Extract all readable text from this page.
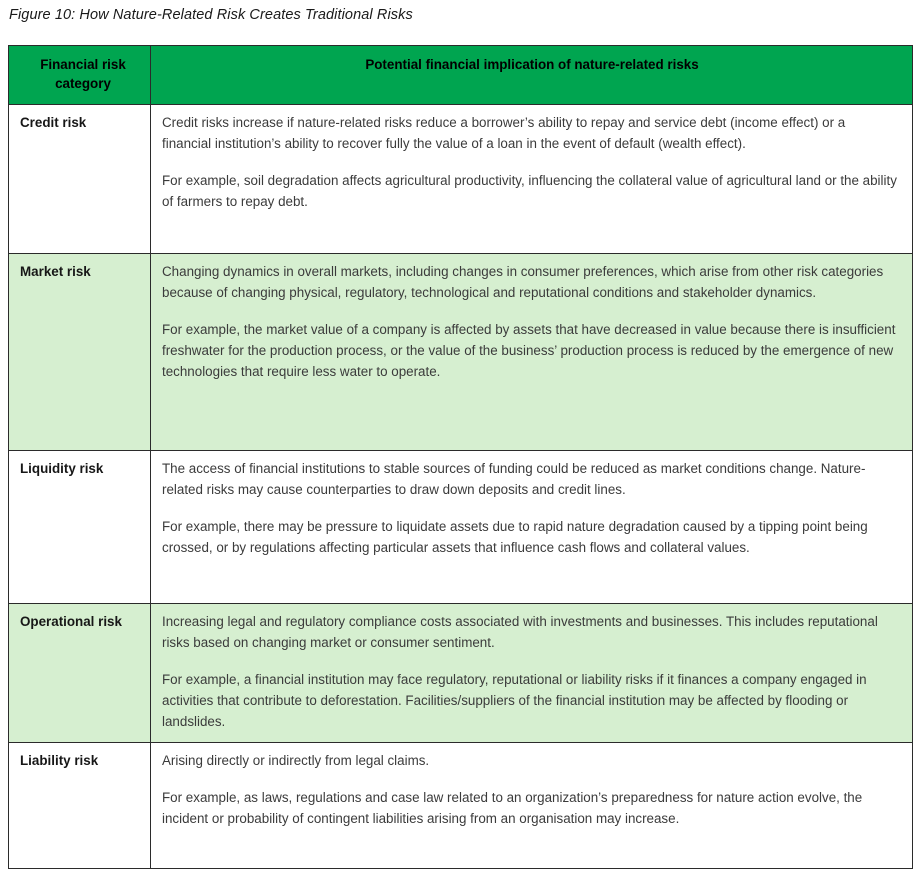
Figure 10: How Nature-Related Risk Creates Traditional Risks
Financial risk category	Potential financial implication of nature-related risks

Credit risk	Credit risks increase if nature-related risks reduce a borrower’s ability to repay and service debt (income effect) or a financial institution’s ability to recover fully the value of a loan in the event of default (wealth effect).

For example, soil degradation affects agricultural productivity, influencing the collateral value of agricultural land or the ability of farmers to repay debt.

Market risk	Changing dynamics in overall markets, including changes in consumer preferences, which arise from other risk categories because of changing physical, regulatory, technological and reputational conditions and stakeholder dynamics.

For example, the market value of a company is affected by assets that have decreased in value because there is insufficient freshwater for the production process, or the value of the business’ production process is reduced by the emergence of new technologies that require less water to operate.

Liquidity risk	The access of financial institutions to stable sources of funding could be reduced as market conditions change. Nature-related risks may cause counterparties to draw down deposits and credit lines.

For example, there may be pressure to liquidate assets due to rapid nature degradation caused by a tipping point being crossed, or by regulations affecting particular assets that influence cash flows and collateral values.

Operational risk	Increasing legal and regulatory compliance costs associated with investments and businesses. This includes reputational risks based on changing market or consumer sentiment.

For example, a financial institution may face regulatory, reputational or liability risks if it finances a company engaged in activities that contribute to deforestation. Facilities/suppliers of the financial institution may be affected by flooding or landslides.

Liability risk	Arising directly or indirectly from legal claims.

For example, as laws, regulations and case law related to an organization’s preparedness for nature action evolve, the incident or probability of contingent liabilities arising from an organisation may increase.
